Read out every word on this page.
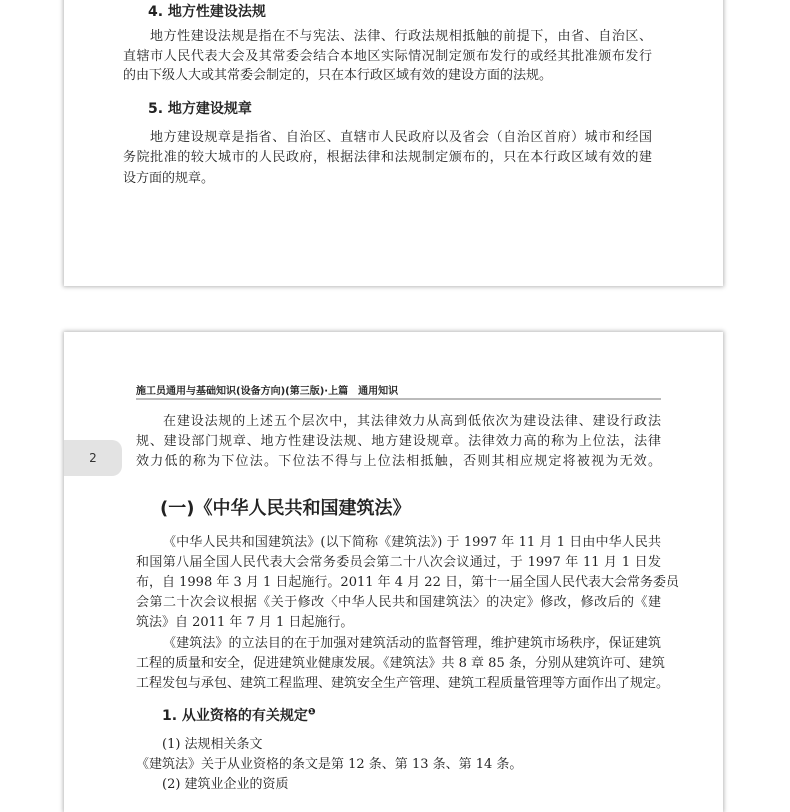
4. 地方性建设法规
地方性建设法规是指在不与宪法、法律、行政法规相抵触的前提下，由省、自治区、
直辖市人民代表大会及其常委会结合本地区实际情况制定颁布发行的或经其批准颁布发行
的由下级人大或其常委会制定的，只在本行政区域有效的建设方面的法规。
5. 地方建设规章
地方建设规章是指省、自治区、直辖市人民政府以及省会（自治区首府）城市和经国
务院批准的较大城市的人民政府，根据法律和法规制定颁布的，只在本行政区域有效的建
设方面的规章。
施工员通用与基础知识(设备方向)(第三版)·上篇　通用知识
在建设法规的上述五个层次中，其法律效力从高到低依次为建设法律、建设行政法
规、建设部门规章、地方性建设法规、地方建设规章。法律效力高的称为上位法，法律
效力低的称为下位法。下位法不得与上位法相抵触，否则其相应规定将被视为无效。
(一)《中华人民共和国建筑法》
《中华人民共和国建筑法》(以下简称《建筑法》) 于 1997 年 11 月 1 日由中华人民共
和国第八届全国人民代表大会常务委员会第二十八次会议通过，于 1997 年 11 月 1 日发
布，自 1998 年 3 月 1 日起施行。2011 年 4 月 22 日，第十一届全国人民代表大会常务委员
会第二十次会议根据《关于修改〈中华人民共和国建筑法〉的决定》修改，修改后的《建
筑法》自 2011 年 7 月 1 日起施行。
《建筑法》的立法目的在于加强对建筑活动的监督管理，维护建筑市场秩序，保证建筑
工程的质量和安全，促进建筑业健康发展。《建筑法》共 8 章 85 条，分别从建筑许可、建筑
工程发包与承包、建筑工程监理、建筑安全生产管理、建筑工程质量管理等方面作出了规定。
1. 从业资格的有关规定$^❶$
(1) 法规相关条文
《建筑法》关于从业资格的条文是第 12 条、第 13 条、第 14 条。
(2) 建筑业企业的资质
2
